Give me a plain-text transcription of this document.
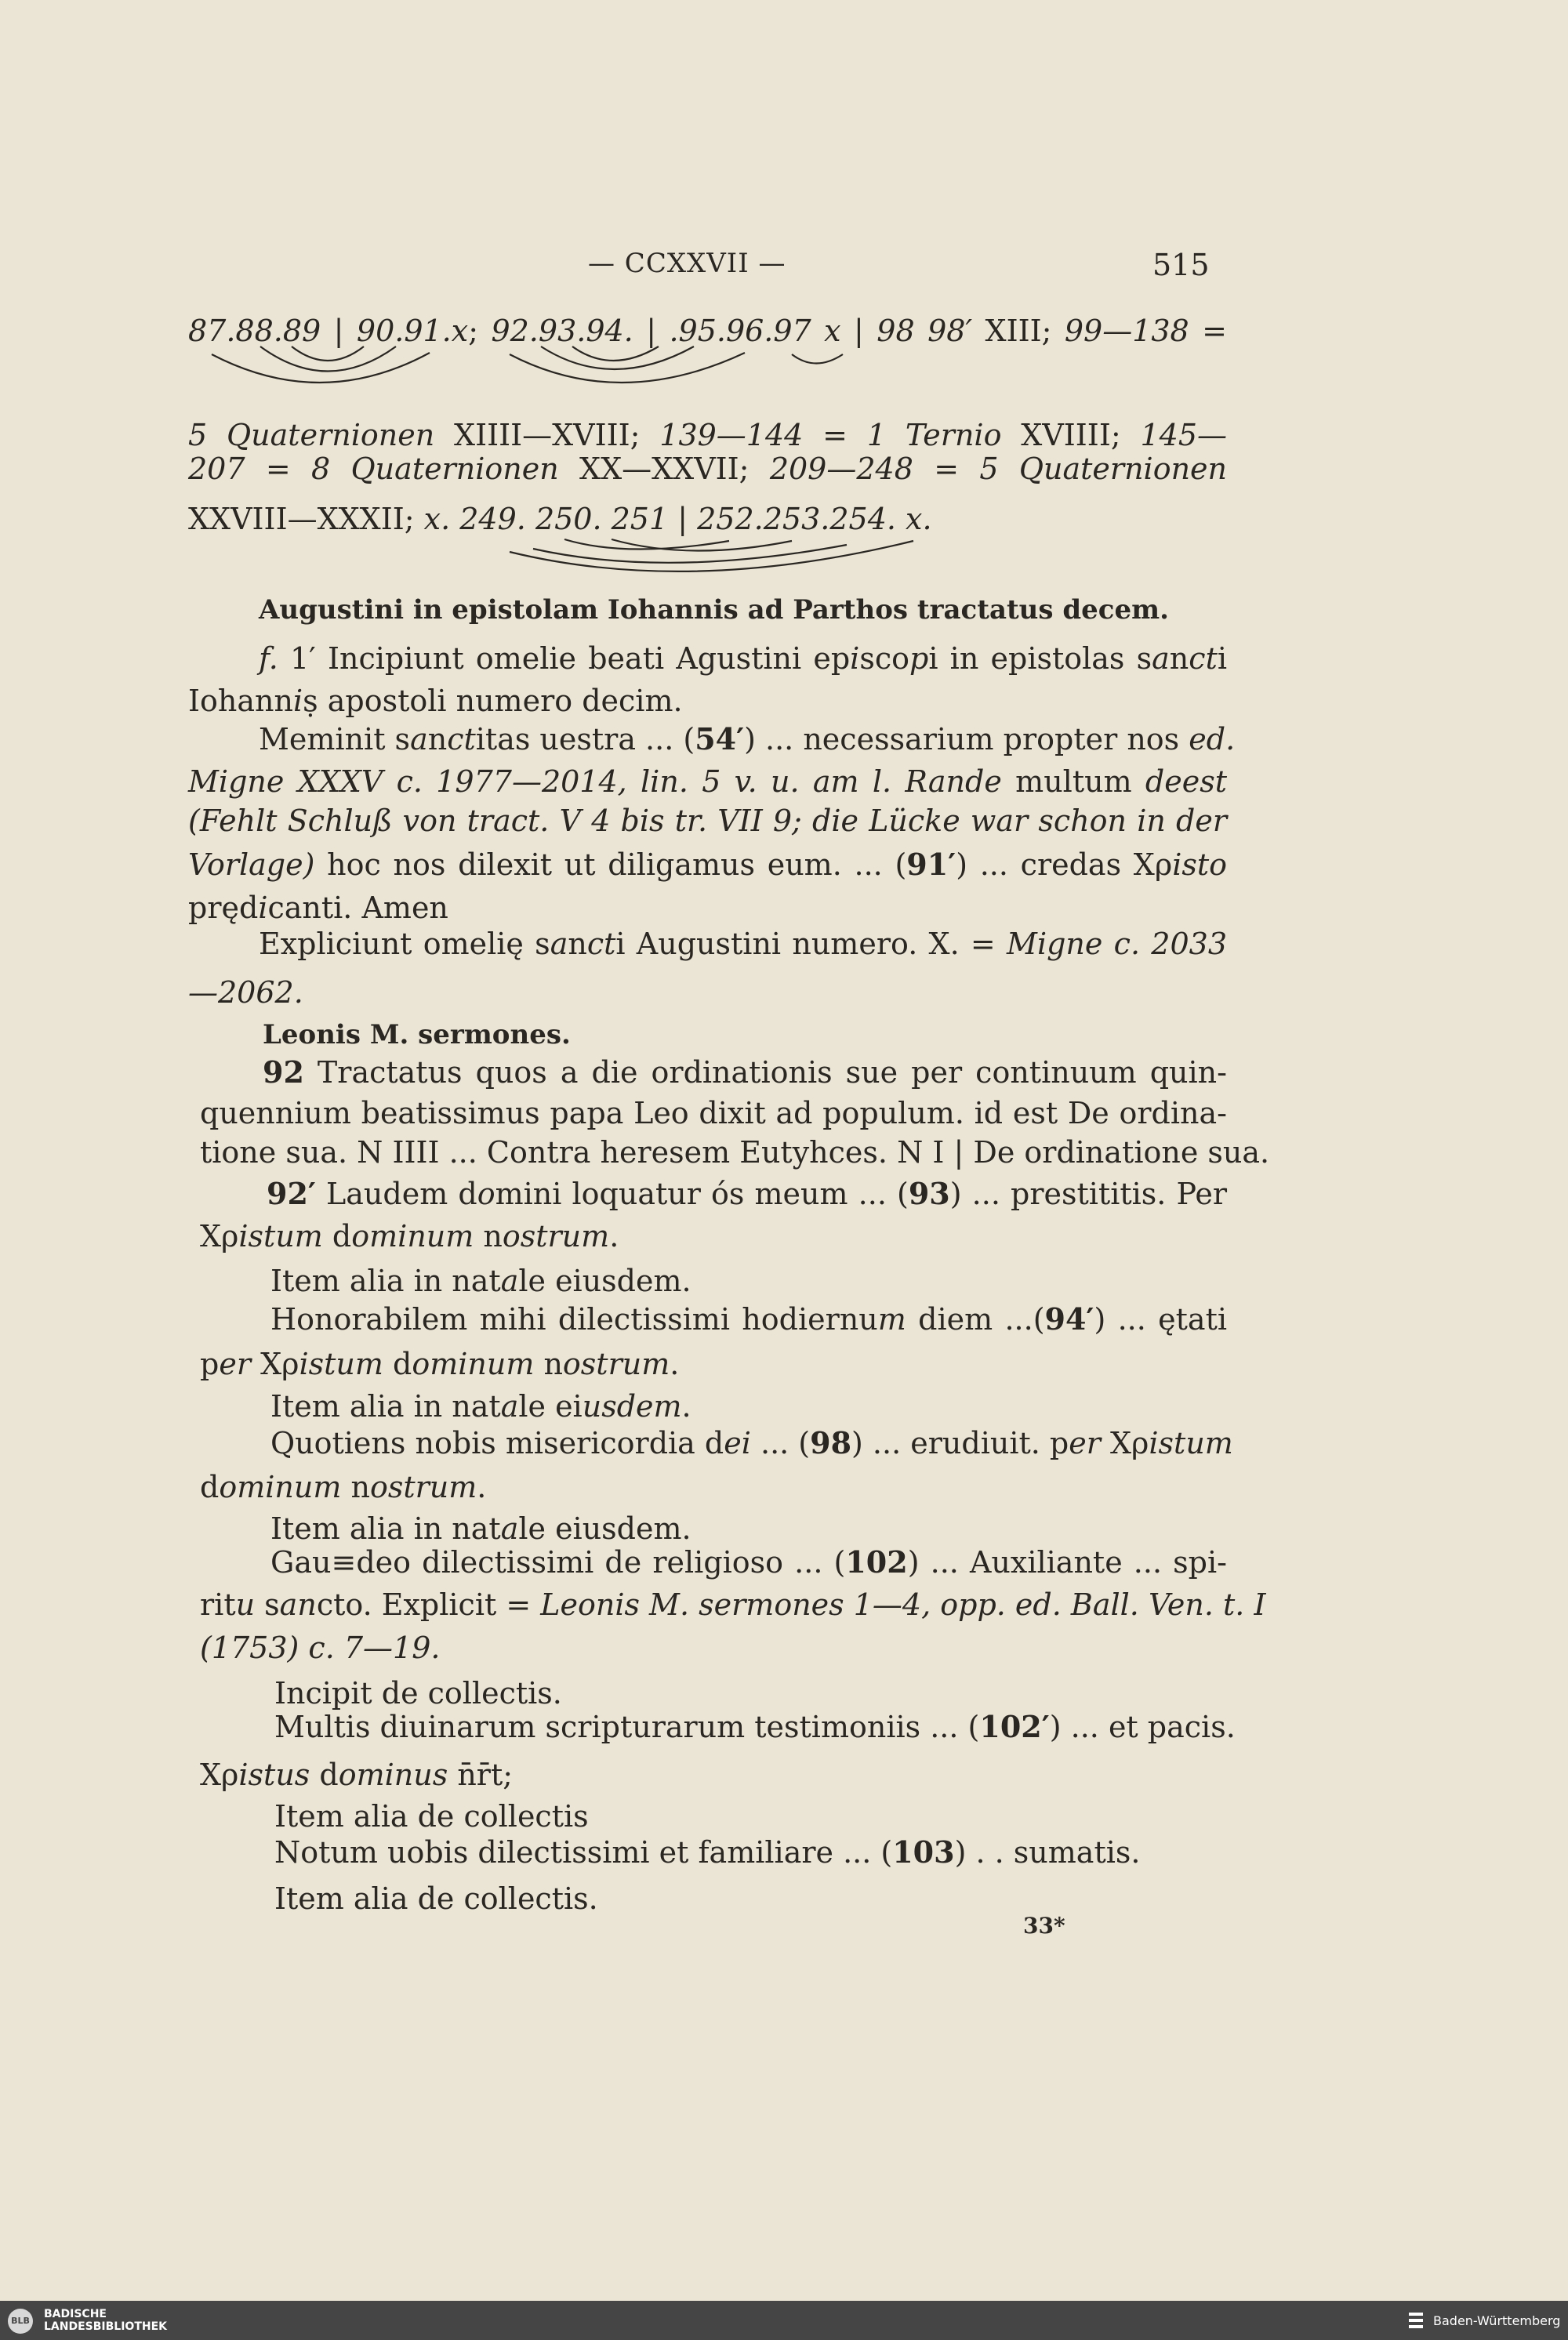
— CCXXVII —	515
87.88.89 | 90.91.x; 92.93.94. | .95.96.97 x | 98 98′ XIII; 99—138 =
5 Quaternionen XIIII—XVIII; 139—144 = 1 Ternio XVIIII; 145—
207 = 8 Quaternionen XX—XXVII; 209—248 = 5 Quaternionen
XXVIII—XXXII; x. 249. 250. 251 | 252.253.254. x.
Augustini in epistolam Iohannis ad Parthos tractatus decem.
f. 1′ Incipiunt omelie beati Agustini episcopi in epistolas sancti
Iohanniṣ apostoli numero decim.
Meminit sanctitas uestra ... (54′) ... necessarium propter nos ed.
Migne XXXV c. 1977—2014, lin. 5 v. u. am l. Rande multum deest
(Fehlt Schluß von tract. V 4 bis tr. VII 9; die Lücke war schon in der
Vorlage) hoc nos dilexit ut diligamus eum. ... (91′) ... credas Χρisto
prędicanti. Amen
Expliciunt omelię sancti Augustini numero. X. = Migne c. 2033
—2062.
Leonis M. sermones.
92 Tractatus quos a die ordinationis sue per continuum quin-
quennium beatissimus papa Leo dixit ad populum. id est De ordina-
tione sua. N IIII ... Contra heresem Eutyhces. N I | De ordinatione sua.
92′ Laudem domini loquatur ós meum ... (93) ... prestititis. Per
Χρistum dominum nostrum.
Item alia in natale eiusdem.
Honorabilem mihi dilectissimi hodiernum diem ...(94′) ... ętati
per Χρistum dominum nostrum.
Item alia in natale eiusdem.
Quotiens nobis misericordia dei ... (98) ... erudiuit. per Χρistum
dominum nostrum.
Item alia in natale eiusdem.
Gau≡deo dilectissimi de religioso ... (102) ... Auxiliante ... spi-
ritu sancto. Explicit = Leonis M. sermones 1—4, opp. ed. Ball. Ven. t. I
(1753) c. 7—19.
Incipit de collectis.
Multis diuinarum scripturarum testimoniis ... (102′) ... et pacis.
Χρistus dominus n̄r̄t;
Item alia de collectis
Notum uobis dilectissimi et familiare ... (103) . . sumatis.
Item alia de collectis.
33*
BLB
BADISCHE
LANDESBIBLIOTHEK	Baden-Württemberg
